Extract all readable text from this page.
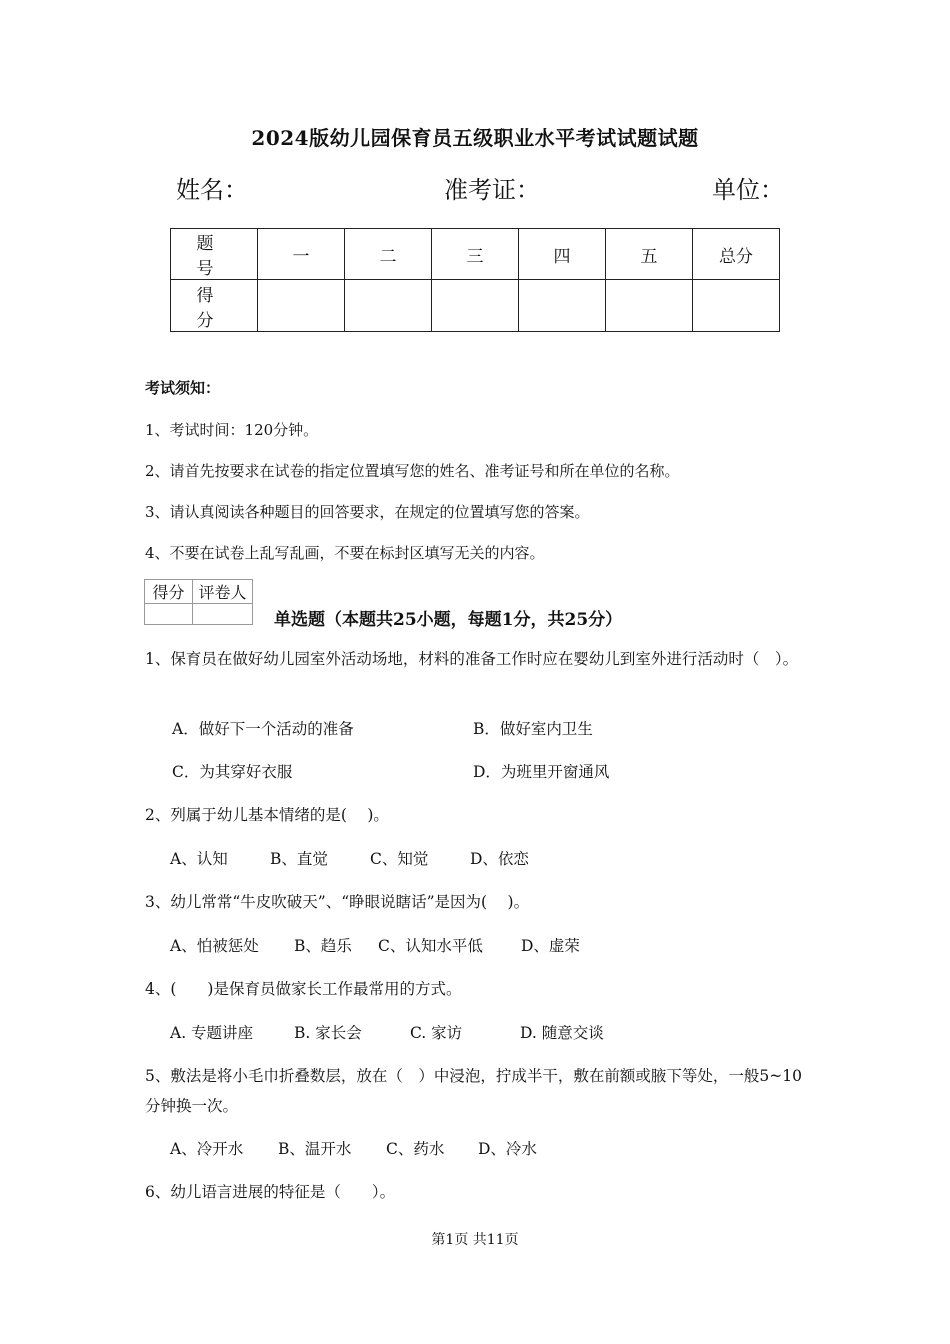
2024版幼儿园保育员五级职业水平考试试题试题
姓名：	准考证：	单位：
题　号	一	二	三	四	五	总分
得　分						
考试须知：
1、考试时间：120分钟。
2、请首先按要求在试卷的指定位置填写您的姓名、准考证号和所在单位的名称。
3、请认真阅读各种题目的回答要求，在规定的位置填写您的答案。
4、不要在试卷上乱写乱画，不要在标封区填写无关的内容。
得分	评卷人

单选题（本题共25小题，每题1分，共25分）
1、保育员在做好幼儿园室外活动场地，材料的准备工作时应在婴幼儿到室外进行活动时（　）。
A．做好下一个活动的准备	B．做好室内卫生
C．为其穿好衣服	D．为班里开窗通风
2、列属于幼儿基本情绪的是(　 )。
A、认知	B、直觉	C、知觉	D、依恋
3、幼儿常常“牛皮吹破天”、“睁眼说瞎话”是因为(　 )。
A、怕被惩处 B、趋乐 C、认知水平低 D、虚荣
4、(　　)是保育员做家长工作最常用的方式。
A. 专题讲座	B. 家长会	C. 家访	D. 随意交谈
5、敷法是将小毛巾折叠数层，放在（　）中浸泡，拧成半干，敷在前额或腋下等处，一般5~10分钟换一次。
A、冷开水 B、温开水 C、药水 D、冷水
6、幼儿语言进展的特征是（　　）。
第1页 共11页
